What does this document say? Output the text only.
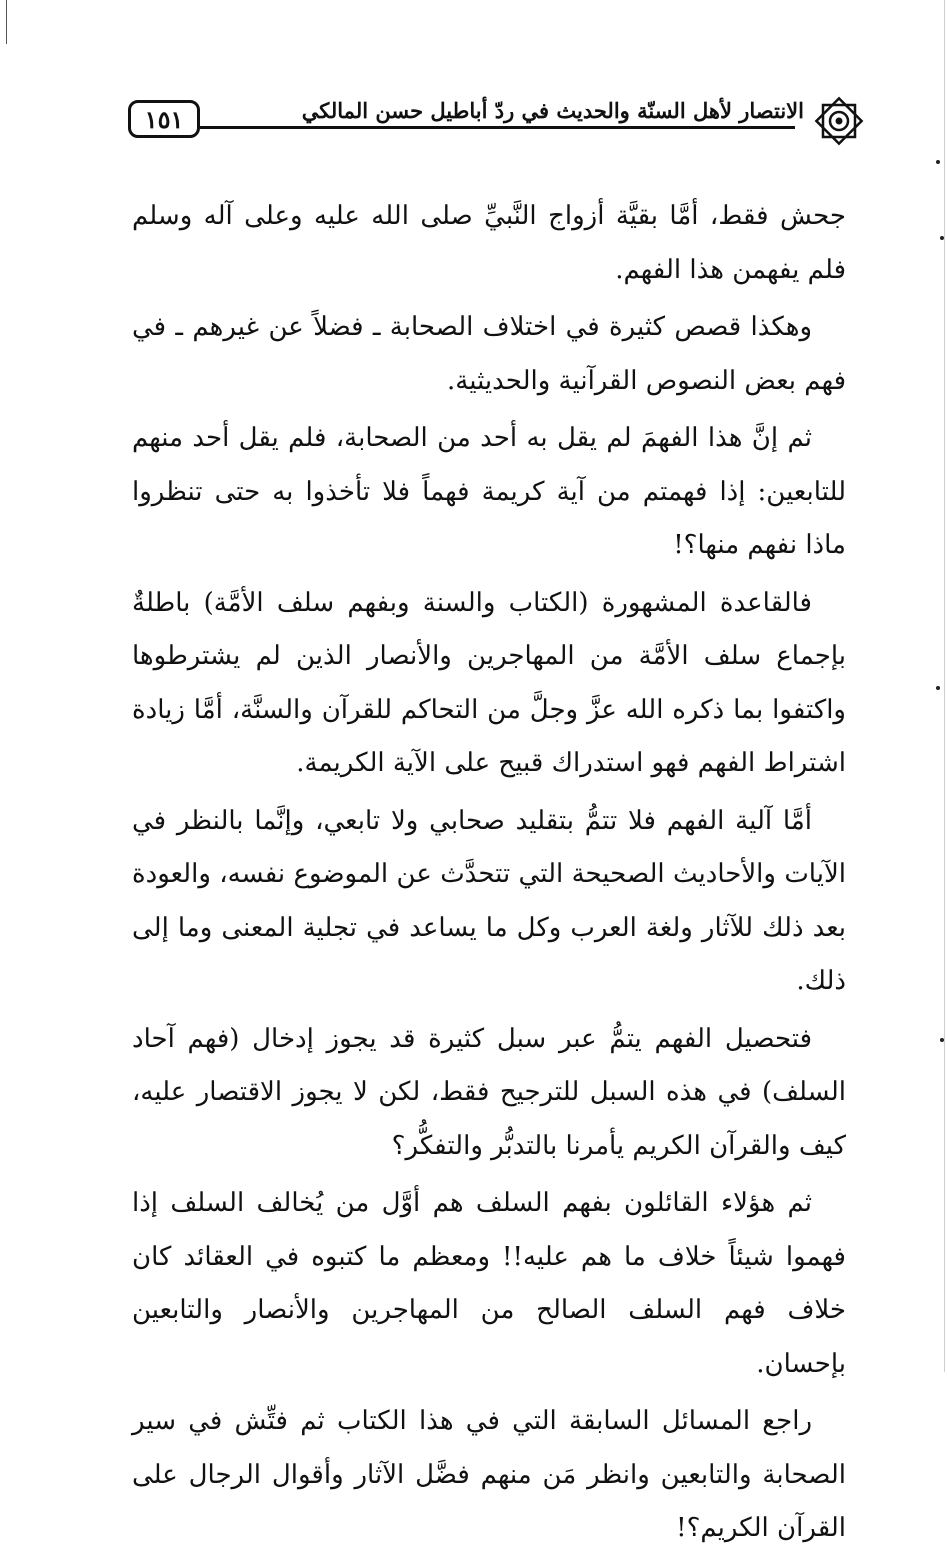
١٥١	الانتصار لأهل السنّة والحديث في ردّ أباطيل حسن المالكي

جحش فقط، أمَّا بقيَّة أزواج النَّبيِّ صلى الله عليه وعلى آله وسلم فلم يفهمن هذا الفهم.

وهكذا قصص كثيرة في اختلاف الصحابة ـ فضلاً عن غيرهم ـ في فهم بعض النصوص القرآنية والحديثية.

ثم إنَّ هذا الفهمَ لم يقل به أحد من الصحابة، فلم يقل أحد منهم للتابعين: إذا فهمتم من آية كريمة فهماً فلا تأخذوا به حتى تنظروا ماذا نفهم منها؟!

فالقاعدة المشهورة (الكتاب والسنة وبفهم سلف الأمَّة) باطلةٌ بإجماع سلف الأمَّة من المهاجرين والأنصار الذين لم يشترطوها واكتفوا بما ذكره الله عزَّ وجلَّ من التحاكم للقرآن والسنَّة، أمَّا زيادة اشتراط الفهم فهو استدراك قبيح على الآية الكريمة.

أمَّا آلية الفهم فلا تتمُّ بتقليد صحابي ولا تابعي، وإنَّما بالنظر في الآيات والأحاديث الصحيحة التي تتحدَّث عن الموضوع نفسه، والعودة بعد ذلك للآثار ولغة العرب وكل ما يساعد في تجلية المعنى وما إلى ذلك.

فتحصيل الفهم يتمُّ عبر سبل كثيرة قد يجوز إدخال (فهم آحاد السلف) في هذه السبل للترجيح فقط، لكن لا يجوز الاقتصار عليه، كيف والقرآن الكريم يأمرنا بالتدبُّر والتفكُّر؟

ثم هؤلاء القائلون بفهم السلف هم أوَّل من يُخالف السلف إذا فهموا شيئاً خلاف ما هم عليه!! ومعظم ما كتبوه في العقائد كان خلاف فهم السلف الصالح من المهاجرين والأنصار والتابعين بإحسان.

راجع المسائل السابقة التي في هذا الكتاب ثم فتِّش في سير الصحابة والتابعين وانظر مَن منهم فضَّل الآثار وأقوال الرجال على القرآن الكريم؟!
